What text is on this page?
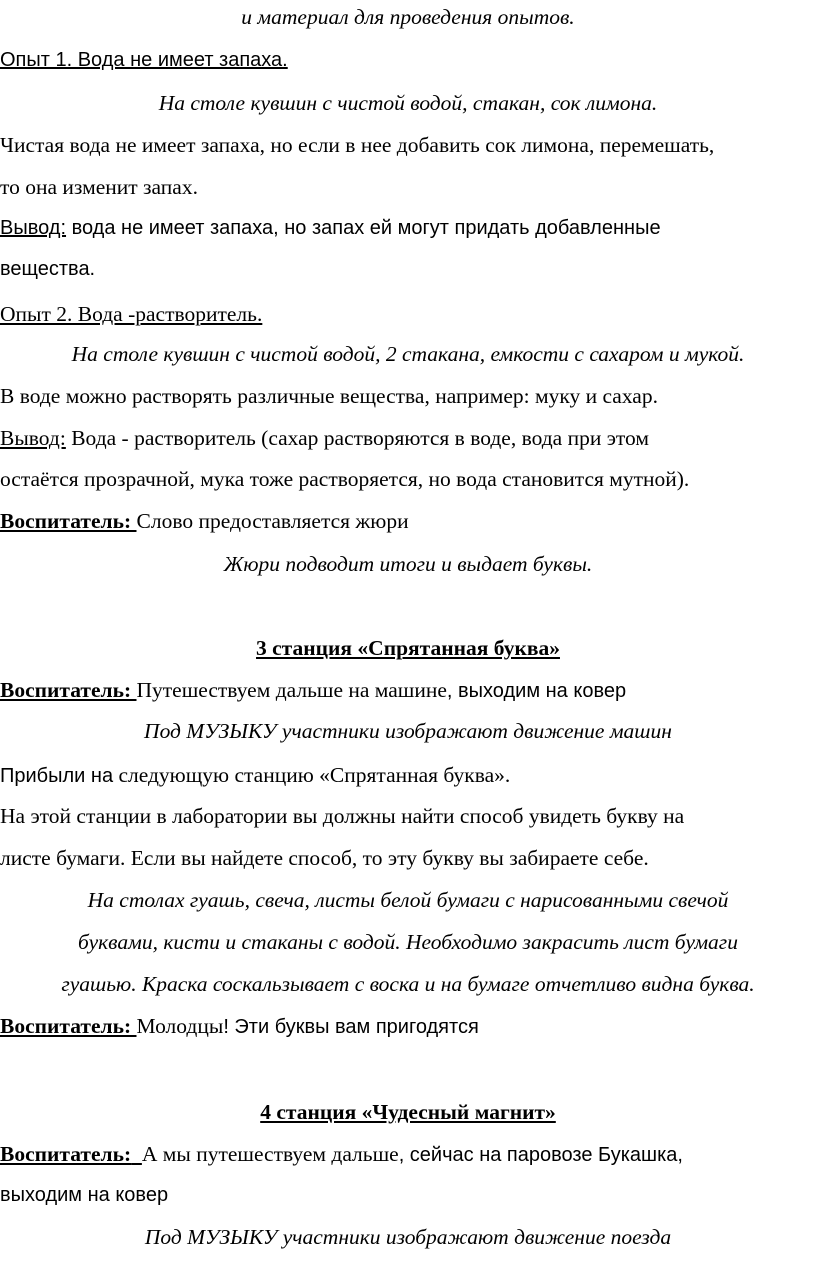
и материал для проведения опытов.
Опыт 1. Вода не имеет запаха.
На столе кувшин с чистой водой, стакан, сок лимона.
Чистая вода не имеет запаха, но если в нее добавить сок лимона, перемешать,
то она изменит запах.
Вывод: вода не имеет запаха, но запах ей могут придать добавленные
вещества.
Опыт 2. Вода -растворитель.
На столе кувшин с чистой водой, 2 стакана, емкости с сахаром и мукой.
В воде можно растворять различные вещества, например: муку и сахар.
Вывод: Вода - растворитель (сахар растворяются в воде, вода при этом
остаётся прозрачной, мука тоже растворяется, но вода становится мутной).
Воспитатель: Слово предоставляется жюри
Жюри подводит итоги и выдает буквы.
3 станция «Спрятанная буква»
Воспитатель: Путешествуем дальше на машине, выходим на ковер
Под МУЗЫКУ участники изображают движение машин
Прибыли на следующую станцию «Спрятанная буква».
На этой станции в лаборатории вы должны найти способ увидеть букву на
листе бумаги. Если вы найдете способ, то эту букву вы забираете себе.
На столах гуашь, свеча, листы белой бумаги с нарисованными свечой
буквами, кисти и стаканы с водой. Необходимо закрасить лист бумаги
гуашью. Краска соскальзывает с воска и на бумаге отчетливо видна буква.
Воспитатель: Молодцы! Эти буквы вам пригодятся
4 станция «Чудесный магнит»
Воспитатель: А мы путешествуем дальше, сейчас на паровозе Букашка,
выходим на ковер
Под МУЗЫКУ участники изображают движение поезда
